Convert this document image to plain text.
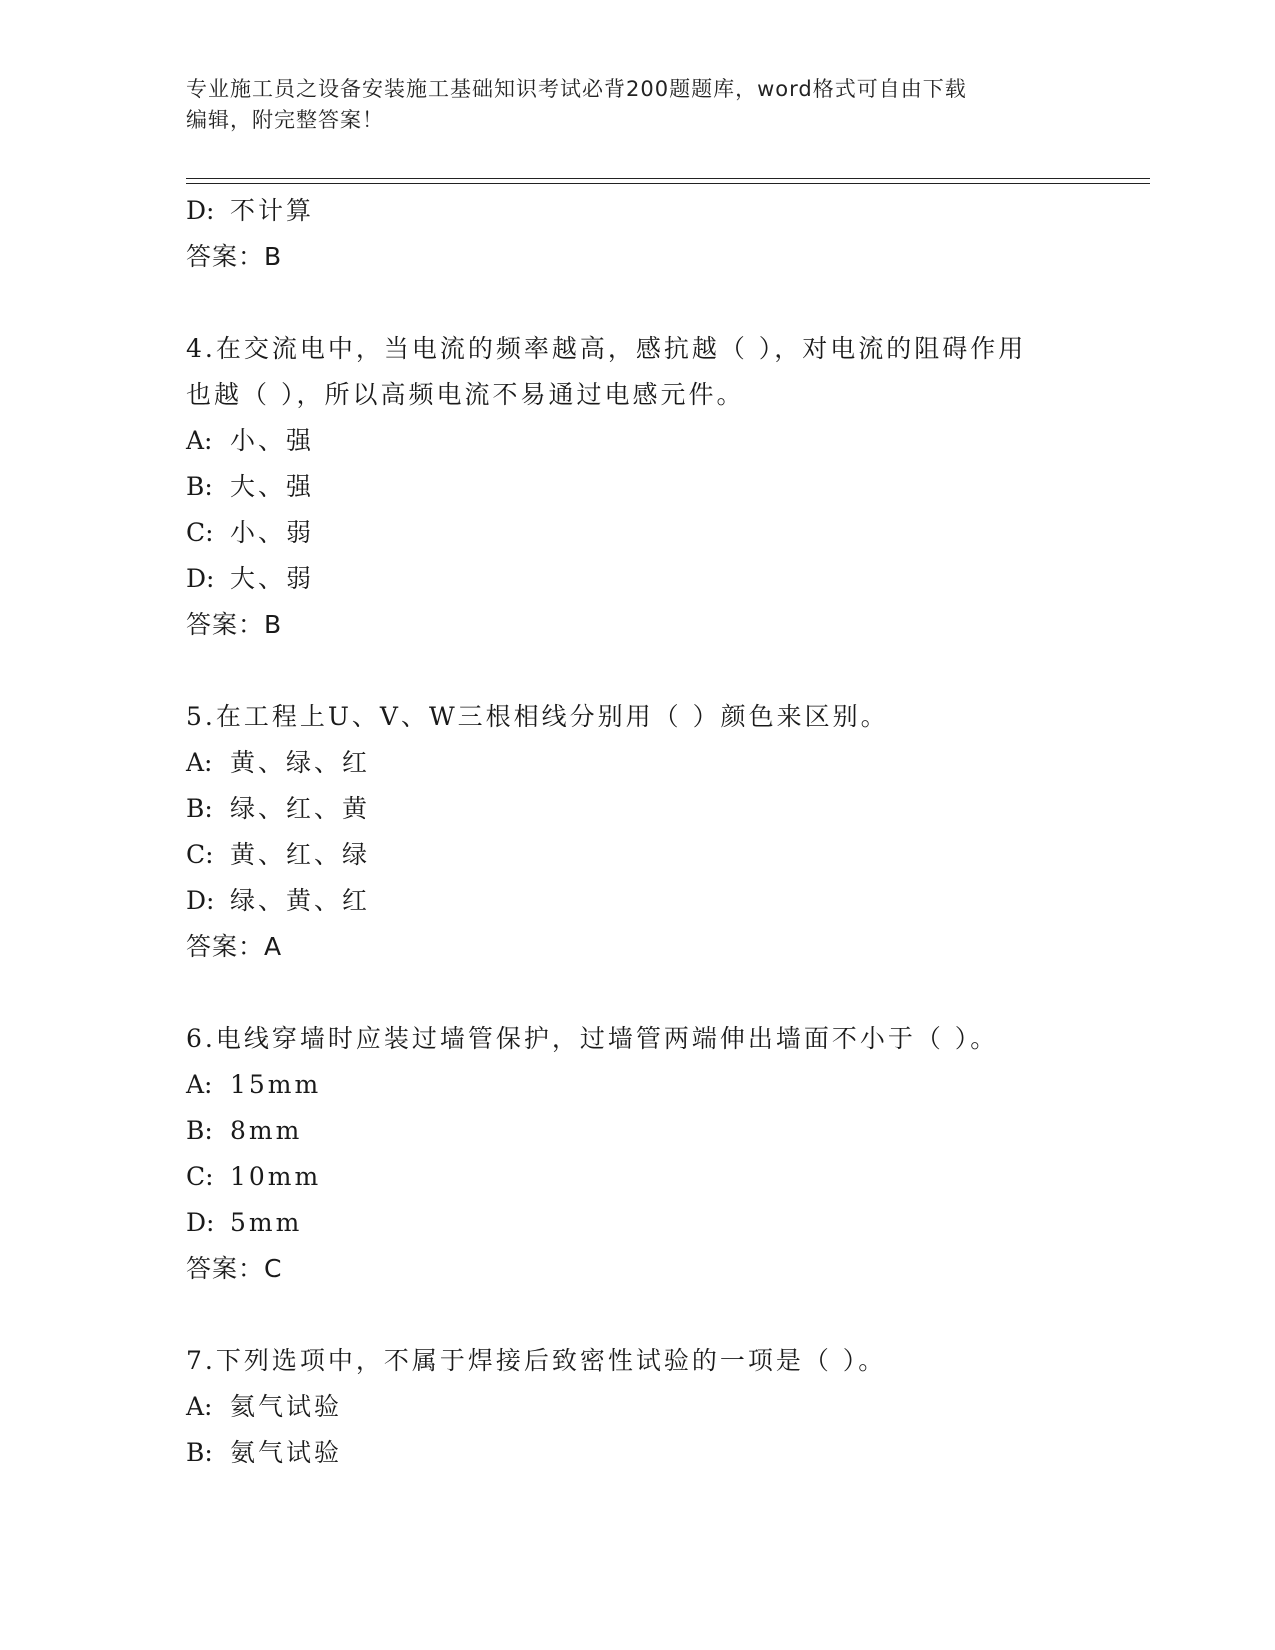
专业施工员之设备安装施工基础知识考试必背200题题库，word格式可自由下载
编辑，附完整答案！
D: 不计算
答案：B
4.在交流电中，当电流的频率越高，感抗越（ ），对电流的阻碍作用
也越（ ），所以高频电流不易通过电感元件。
A: 小、强
B: 大、强
C: 小、弱
D: 大、弱
答案：B
5.在工程上U、V、W三根相线分别用（ ）颜色来区别。
A: 黄、绿、红
B: 绿、红、黄
C: 黄、红、绿
D: 绿、黄、红
答案：A
6.电线穿墙时应装过墙管保护，过墙管两端伸出墙面不小于（ ）。
A: 15mm
B: 8mm
C: 10mm
D: 5mm
答案：C
7.下列选项中，不属于焊接后致密性试验的一项是（ ）。
A: 氦气试验
B: 氨气试验
